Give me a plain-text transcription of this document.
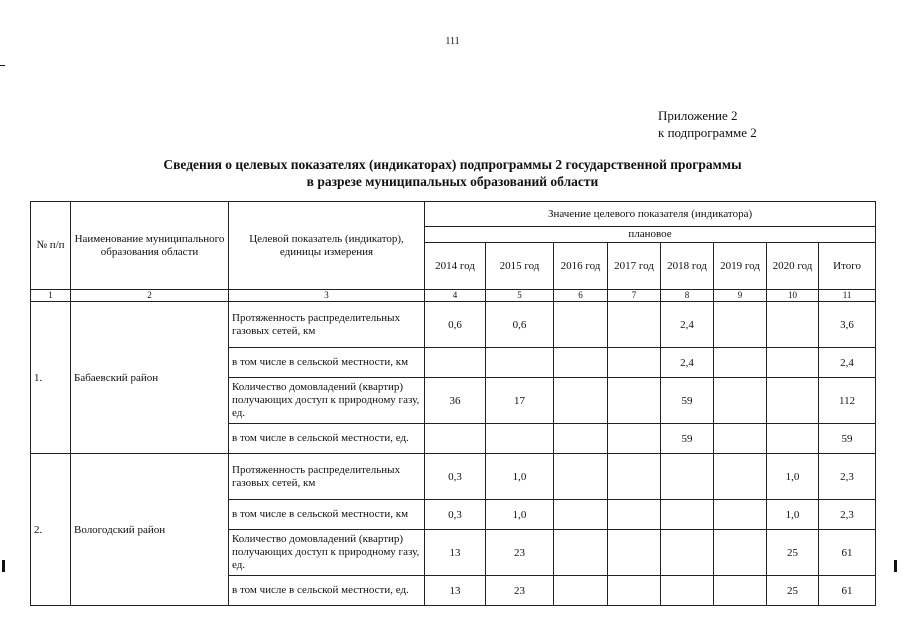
111
Приложение 2
к подпрограмме 2
Сведения о целевых показателях (индикаторах) подпрограммы 2 государственной программы
в разрезе муниципальных образований области
№ п/п	Наименование муниципального образования области	Целевой показатель (индикатор), единицы измерения	Значение целевого показателя (индикатора)							
			плановое							
			2014 год	2015 год	2016 год	2017 год	2018 год	2019 год	2020 год	Итого
1	2	3	4	5	6	7	8	9	10	11
1.	Бабаевский район	Протяженность распределительных газовых сетей, км	0,6	0,6			2,4			3,6
		в том числе в сельской местности, км					2,4			2,4
		Количество домовладений (квартир) получающих доступ к природному газу, ед.	36	17			59			112
		в том числе в сельской местности, ед.					59			59
2.	Вологодский район	Протяженность распределительных газовых сетей, км	0,3	1,0					1,0	2,3
		в том числе в сельской местности, км	0,3	1,0					1,0	2,3
		Количество домовладений (квартир) получающих доступ к природному газу, ед.	13	23					25	61
		в том числе в сельской местности, ед.	13	23					25	61
